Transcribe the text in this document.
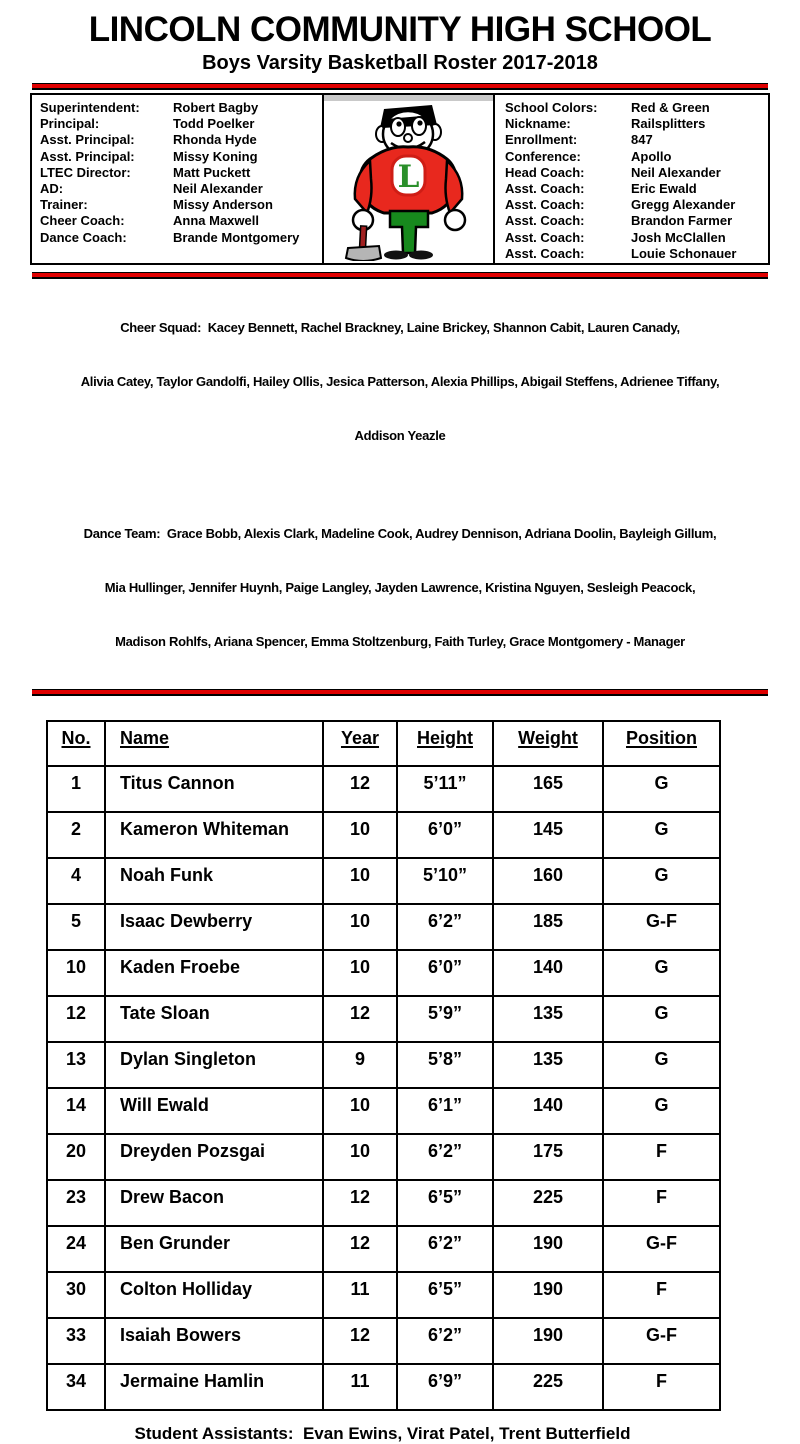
LINCOLN COMMUNITY HIGH SCHOOL
Boys Varsity Basketball Roster 2017-2018
Superintendent:	Robert Bagby
Principal:	Todd Poelker
Asst. Principal:	Rhonda Hyde
Asst. Principal:	Missy Koning
LTEC Director:	Matt Puckett
AD:	Neil Alexander
Trainer:	Missy Anderson
Cheer Coach:	Anna Maxwell
Dance Coach:	Brande Montgomery
L
School Colors:	Red & Green
Nickname:	Railsplitters
Enrollment:	847
Conference:	Apollo
Head Coach:	Neil Alexander
Asst. Coach:	Eric Ewald
Asst. Coach:	Gregg Alexander
Asst. Coach:	Brandon Farmer
Asst. Coach:	Josh McClallen
Asst. Coach:	Louie Schonauer

Cheer Squad:  Kacey Bennett, Rachel Brackney, Laine Brickey, Shannon Cabit, Lauren Canady,

Alivia Catey, Taylor Gandolfi, Hailey Ollis, Jesica Patterson, Alexia Phillips, Abigail Steffens, Adrienee Tiffany,

Addison Yeazle

Dance Team:  Grace Bobb, Alexis Clark, Madeline Cook, Audrey Dennison, Adriana Doolin, Bayleigh Gillum,

Mia Hullinger, Jennifer Huynh, Paige Langley, Jayden Lawrence, Kristina Nguyen, Sesleigh Peacock,

Madison Rohlfs, Ariana Spencer, Emma Stoltzenburg, Faith Turley, Grace Montgomery - Manager

No.	Name	Year	Height	Weight	Position
1	Titus Cannon	12	5’11”	165	G
2	Kameron Whiteman	10	6’0”	145	G
4	Noah Funk	10	5’10”	160	G
5	Isaac Dewberry	10	6’2”	185	G-F
10	Kaden Froebe	10	6’0”	140	G
12	Tate Sloan	12	5’9”	135	G
13	Dylan Singleton	9	5’8”	135	G
14	Will Ewald	10	6’1”	140	G
20	Dreyden Pozsgai	10	6’2”	175	F
23	Drew Bacon	12	6’5”	225	F
24	Ben Grunder	12	6’2”	190	G-F
30	Colton Holliday	11	6’5”	190	F
33	Isaiah Bowers	12	6’2”	190	G-F
34	Jermaine Hamlin	11	6’9”	225	F
Student Assistants:  Evan Ewins, Virat Patel, Trent Butterfield
